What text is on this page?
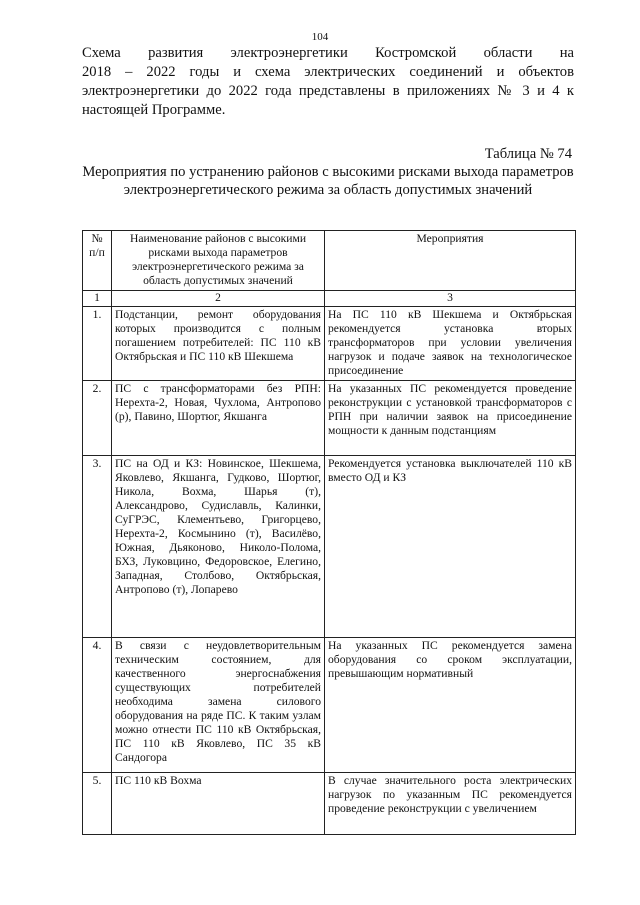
104
Схема развития электроэнергетики Костромской области на
2018 – 2022 годы и схема электрических соединений и объектов
электроэнергетики до 2022 года представлены в приложениях № 3 и 4 к
настоящей Программе.
Таблица № 74
Мероприятия по устранению районов с высокими рисками выхода параметров электроэнергетического режима за область допустимых значений
№ п/п	Наименование районов с высокими рисками выхода параметров электроэнергетического режима за область допустимых значений	Мероприятия
1	2	3
1.	Подстанции, ремонт оборудования которых производится с полным погашением потребителей: ПС 110 кВ Октябрьская и ПС 110 кВ Шекшема	На ПС 110 кВ Шекшема и Октябрьская рекомендуется установка вторых трансформаторов при условии увеличения нагрузок и подаче заявок на технологическое присоединение
2.	ПС с трансформаторами без РПН: Нерехта-2, Новая, Чухлома, Антропово (р), Павино, Шортюг, Якшанга	На указанных ПС рекомендуется проведение реконструкции с установкой трансформаторов с РПН при наличии заявок на присоединение мощности к данным подстанциям
3.	ПС на ОД и КЗ: Новинское, Шекшема, Яковлево, Якшанга, Гудково, Шортюг, Никола, Вохма, Шарья (т), Александрово, Судиславль, Калинки, СуГРЭС, Клементьево, Григорцево, Нерехта-2, Космынино (т), Василёво, Южная, Дьяконово, Николо-Полома, БХЗ, Луковцино, Федоровское, Елегино, Западная, Столбово, Октябрьская, Антропово (т), Лопарево	Рекомендуется установка выключателей 110 кВ вместо ОД и КЗ
4.	В связи с неудовлетворительным техническим состоянием, для качественного энергоснабжения существующих потребителей необходима замена силового оборудования на ряде ПС. К таким узлам можно отнести ПС 110 кВ Октябрьская, ПС 110 кВ Яковлево, ПС 35 кВ Сандогора	На указанных ПС рекомендуется замена оборудования со сроком эксплуатации, превышающим нормативный
5.	ПС 110 кВ Вохма	В случае значительного роста электрических нагрузок по указанным ПС рекомендуется проведение реконструкции с увеличением
